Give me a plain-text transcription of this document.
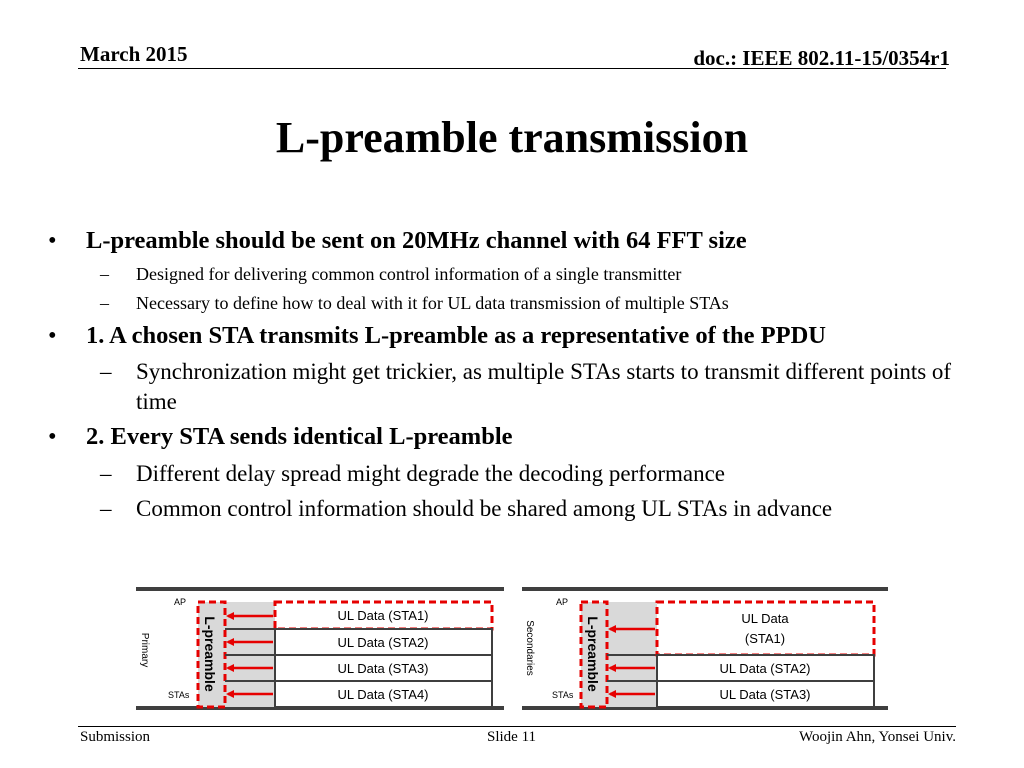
March 2015	doc.: IEEE 802.11-15/0354r1
L-preamble transmission
• L-preamble should be sent on 20MHz channel with 64 FFT size
– Designed for delivering common control information of a single transmitter
– Necessary to define how to deal with it for UL data transmission of multiple STAs
• 1. A chosen STA transmits L-preamble as a representative of the PPDU
– Synchronization might get trickier, as multiple STAs starts to transmit different points of time
• 2. Every STA sends identical L-preamble
– Different delay spread might degrade the decoding performance
– Common control information should be shared among UL STAs in advance
AP
STAs
Primary	L-preamble
UL Data (STA1)
UL Data (STA2)
UL Data (STA3)
UL Data (STA4)
AP
STAs
Secondaries	L-preamble	UL Data
(STA1)
UL Data (STA2)
UL Data (STA3)
Submission	Slide 11	Woojin Ahn, Yonsei Univ.
